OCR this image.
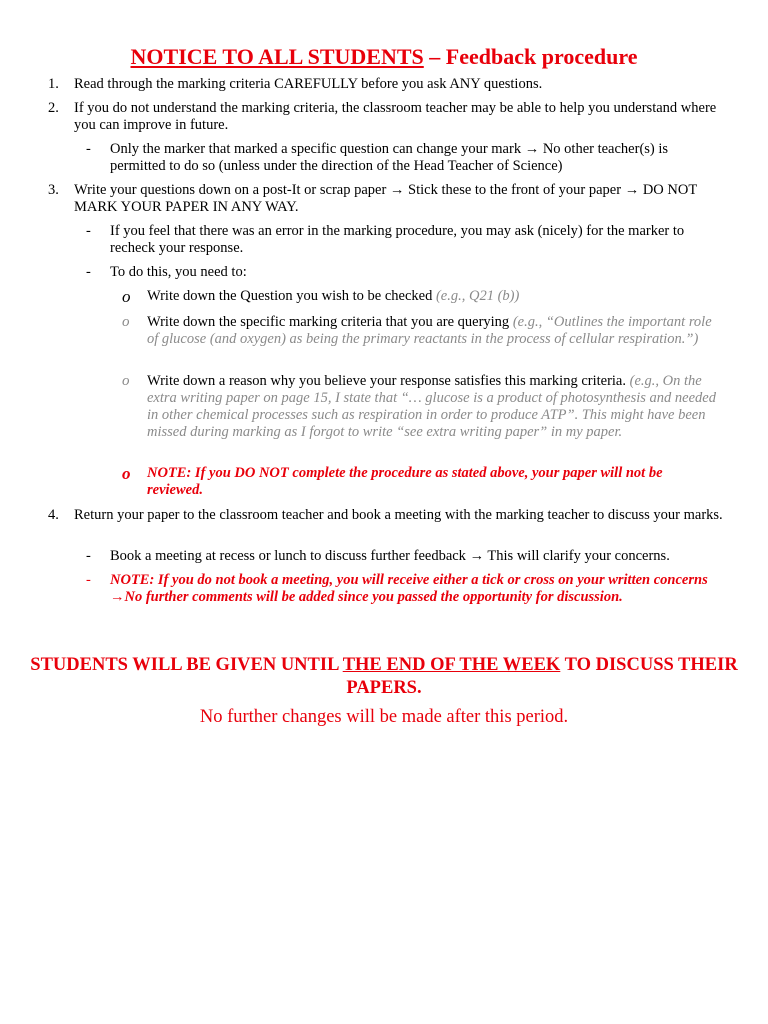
NOTICE TO ALL STUDENTS – Feedback procedure
1.	Read through the marking criteria CAREFULLY before you ask ANY questions.
2.	If you do not understand the marking criteria, the classroom teacher may be able to help you understand where you can improve in future.
- Only the marker that marked a specific question can change your mark → No other teacher(s) is permitted to do so (unless under the direction of the Head Teacher of Science)
3.	Write your questions down on a post-It or scrap paper → Stick these to the front of your paper → DO NOT MARK YOUR PAPER IN ANY WAY.
- If you feel that there was an error in the marking procedure, you may ask (nicely) for the marker to recheck your response.
- To do this, you need to:
o Write down the Question you wish to be checked (e.g., Q21 (b))
o Write down the specific marking criteria that you are querying (e.g., “Outlines the important role of glucose (and oxygen) as being the primary reactants in the process of cellular respiration.”)
o Write down a reason why you believe your response satisfies this marking criteria. (e.g., On the extra writing paper on page 15, I state that “… glucose is a product of photosynthesis and needed in other chemical processes such as respiration in order to produce ATP”. This might have been missed during marking as I forgot to write “see extra writing paper” in my paper.
o NOTE: If you DO NOT complete the procedure as stated above, your paper will not be reviewed.
4.	Return your paper to the classroom teacher and book a meeting with the marking teacher to discuss your marks.
- Book a meeting at recess or lunch to discuss further feedback → This will clarify your concerns.
- NOTE: If you do not book a meeting, you will receive either a tick or cross on your written concerns →No further comments will be added since you passed the opportunity for discussion.
STUDENTS WILL BE GIVEN UNTIL THE END OF THE WEEK TO DISCUSS THEIR PAPERS.
No further changes will be made after this period.
